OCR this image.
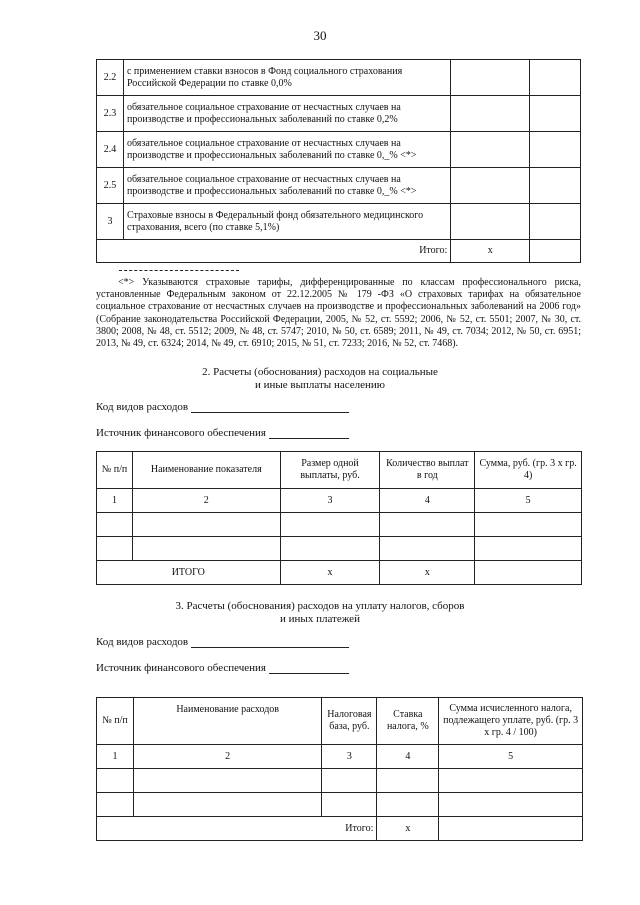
30
2.2	с применением ставки взносов в Фонд социального страхования Российской Федерации по ставке 0,0%		
2.3	обязательное социальное страхование от несчастных случаев на производстве и профессиональных заболеваний по ставке 0,2%		
2.4	обязательное социальное страхование от несчастных случаев на производстве и профессиональных заболеваний по ставке 0,_% <*>		
2.5	обязательное социальное страхование от несчастных случаев на производстве и профессиональных заболеваний по ставке 0,_% <*>		
3	Страховые взносы в Федеральный фонд обязательного медицинского страхования, всего (по ставке 5,1%)		
Итого:		x	

<*> Указываются страховые тарифы, дифференцированные по классам профессионального риска, установленные Федеральным законом от 22.12.2005 № 179 -ФЗ «О страховых тарифах на обязательное социальное страхование от несчастных случаев на производстве и профессиональных заболеваний на 2006 год» (Собрание законодательства Российской Федерации, 2005, № 52, ст. 5592; 2006, № 52, ст. 5501; 2007, № 30, ст. 3800; 2008, № 48, ст. 5512; 2009, № 48, ст. 5747; 2010, № 50, ст. 6589; 2011, № 49, ст. 7034; 2012, № 50, ст. 6951; 2013, № 49, ст. 6324; 2014, № 49, ст. 6910; 2015, № 51, ст. 7233; 2016, № 52, ст. 7468).

2. Расчеты (обоснования) расходов на социальные
и иные выплаты населению
Код видов расходов
Источник финансового обеспечения
№ п/п	Наименование показателя	Размер одной выплаты, руб.	Количество выплат в год	Сумма, руб. (гр. 3 х гр. 4)
1	2	3	4	5

ИТОГО		x	x	
3. Расчеты (обоснования) расходов на уплату налогов, сборов
и иных платежей
Код видов расходов
Источник финансового обеспечения
№ п/п	Наименование расходов	Налоговая база, руб.	Ставка налога, %	Сумма исчисленного налога, подлежащего уплате, руб. (гр. 3 х гр. 4 / 100)
1	2	3	4	5

Итого:			x	
